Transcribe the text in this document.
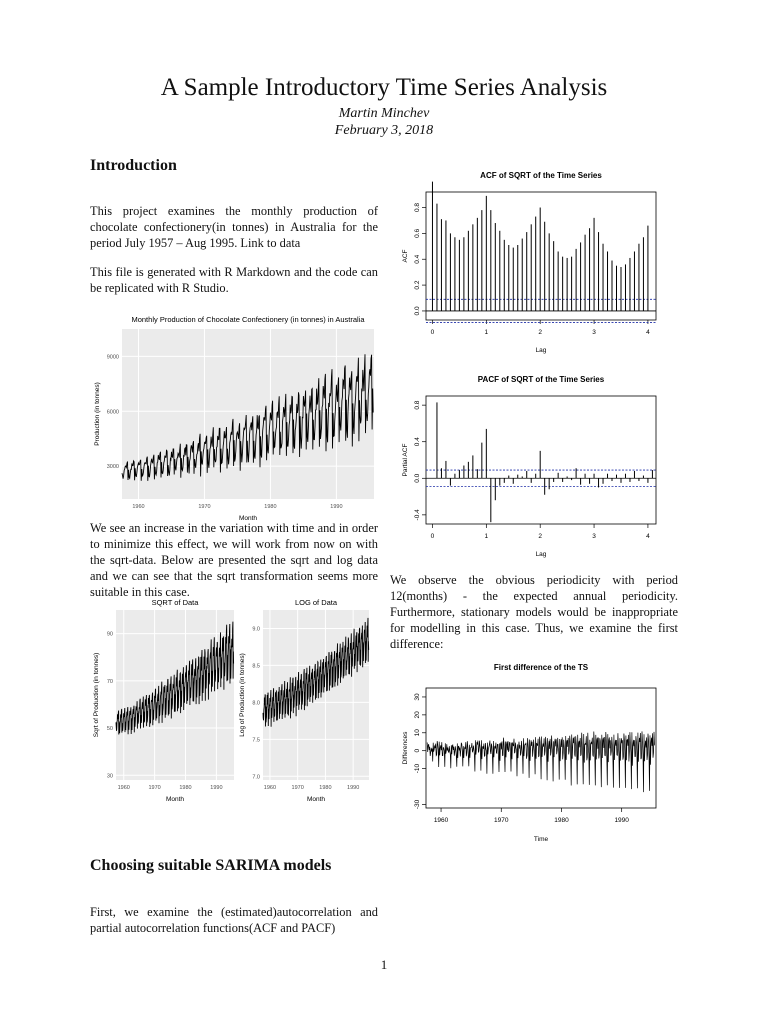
A Sample Introductory Time Series Analysis
Martin Minchev
February 3, 2018
Introduction
This project examines the monthly production of chocolate confectionery(in tonnes) in Australia for the period July 1957 – Aug 1995. Link to data
This file is generated with R Markdown and the code can be replicated with R Studio.
3000
6000
9000
1960	1970	1980	1990
Monthly Production of Chocolate Confectionery (in tonnes) in Australia
Month
Production (in tonnes)
We see an increase in the variation with time and in order to minimize this effect, we will work from now on with the sqrt-data. Below are presented the sqrt and log data and we can see that the sqrt transformation seems more suitable in this case.
30
50
70
90
1960	1970	1980	1990
SQRT of Data
Month
Sqrt of Production (in tonnes)
7.0
7.5
8.0
8.5
9.0
1960	1970	1980	1990
LOG of Data
Month
Log of Production (in tonnes)
ACF of SQRT of the Time Series
0.0
0.2
0.4
0.6
0.8
0	1	2	3	4
Lag
ACF
PACF of SQRT of the Time Series
-0.4
0.0
0.4
0.8
0	1	2	3	4
Lag
Partial ACF
We observe the obvious periodicity with period 12(months) - the expected annual periodicity. Furthermore, stationary models would be inappropriate for modelling in this case. Thus, we examine the first difference:
First difference of the TS
-30
-10
0
10
20
30
1960	1970	1980	1990
Time
Differences
Choosing suitable SARIMA models
First, we examine the (estimated)autocorrelation and partial autocorrelation functions(ACF and PACF)
1
